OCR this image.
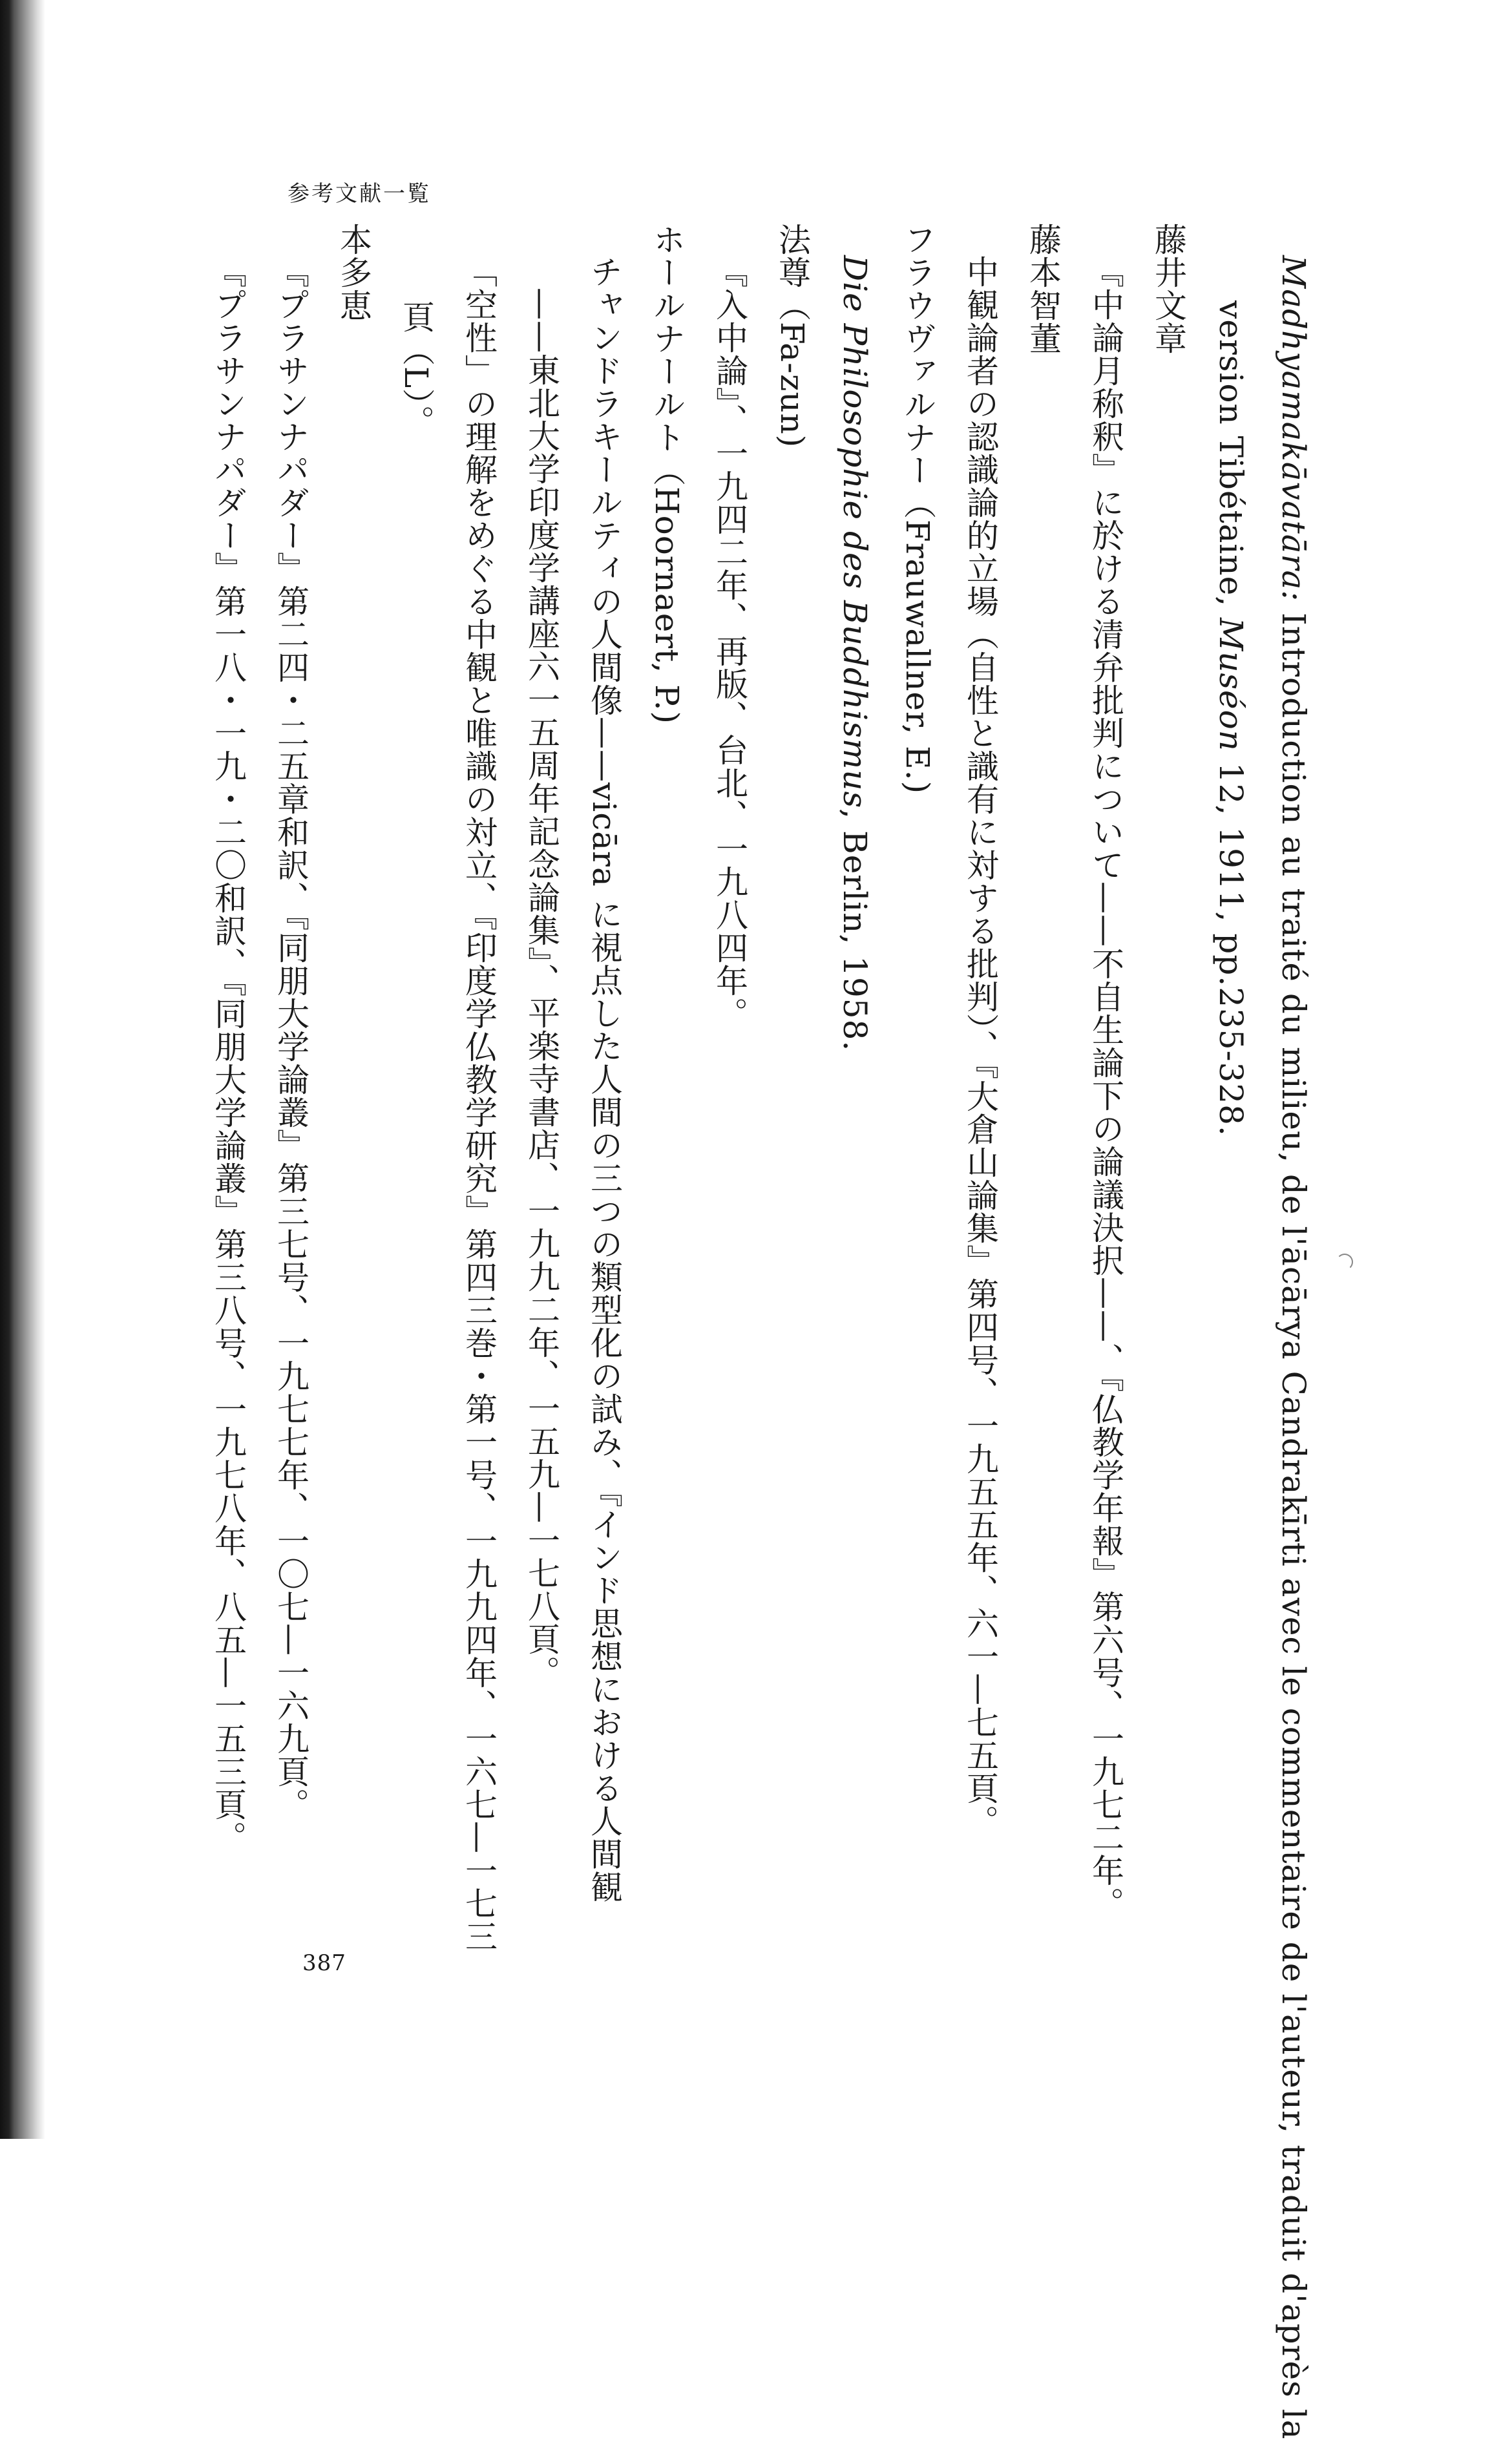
参考文献一覧
Madhyamakāvatāra: Introduction au traité du milieu, de l'ācārya Candrakīrti avec le commentaire de l'auteur, traduit d'après la
version Tibétaine, Muséon 12, 1911, pp.235-328.
藤井文章
『中論月称釈』に於ける清弁批判について——不自生論下の論議決択——、『仏教学年報』第六号、一九七二年。
藤本智董
中観論者の認識論的立場（自性と識有に対する批判）、『大倉山論集』第四号、一九五五年、六一—七五頁。
フラウヴァルナー（Frauwallner, E.)
Die Philosophie des Buddhismus, Berlin, 1958.
法尊（Fa-zun)
『入中論』、一九四二年、再版、台北、一九八四年。
ホールナールト（Hoornaert, P.)
チャンドラキールティの人間像——vicāra に視点した人間の三つの類型化の試み、『インド思想における人間観
——東北大学印度学講座六一五周年記念論集』、平楽寺書店、一九九二年、一五九—一七八頁。
「空性」の理解をめぐる中観と唯識の対立、『印度学仏教学研究』第四三巻・第一号、一九九四年、一六七—一七三
頁（L）。
本多恵
『プラサンナパダー』第二四・二五章和訳、『同朋大学論叢』第三七号、一九七七年、一〇七—一六九頁。
『プラサンナパダー』第一八・一九・二〇和訳、『同朋大学論叢』第三八号、一九七八年、八五—一五三頁。
387
